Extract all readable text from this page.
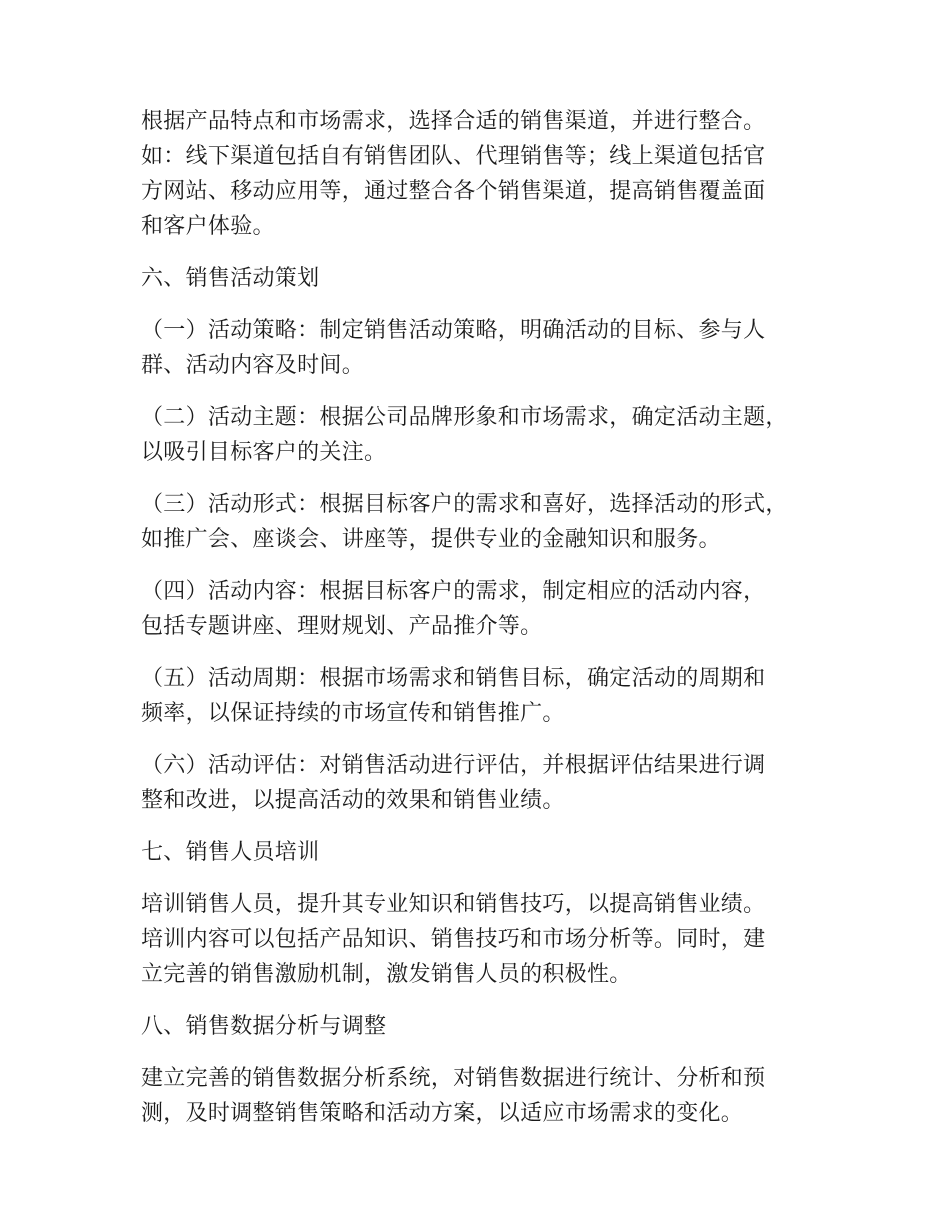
根据产品特点和市场需求，选择合适的销售渠道，并进行整合。
如：线下渠道包括自有销售团队、代理销售等；线上渠道包括官
方网站、移动应用等，通过整合各个销售渠道，提高销售覆盖面
和客户体验。

六、销售活动策划

（一）活动策略：制定销售活动策略，明确活动的目标、参与人
群、活动内容及时间。

（二）活动主题：根据公司品牌形象和市场需求，确定活动主题，
以吸引目标客户的关注。

（三）活动形式：根据目标客户的需求和喜好，选择活动的形式，
如推广会、座谈会、讲座等，提供专业的金融知识和服务。

（四）活动内容：根据目标客户的需求，制定相应的活动内容，
包括专题讲座、理财规划、产品推介等。

（五）活动周期：根据市场需求和销售目标，确定活动的周期和
频率，以保证持续的市场宣传和销售推广。

（六）活动评估：对销售活动进行评估，并根据评估结果进行调
整和改进，以提高活动的效果和销售业绩。

七、销售人员培训

培训销售人员，提升其专业知识和销售技巧，以提高销售业绩。
培训内容可以包括产品知识、销售技巧和市场分析等。同时，建
立完善的销售激励机制，激发销售人员的积极性。

八、销售数据分析与调整

建立完善的销售数据分析系统，对销售数据进行统计、分析和预
测，及时调整销售策略和活动方案，以适应市场需求的变化。
